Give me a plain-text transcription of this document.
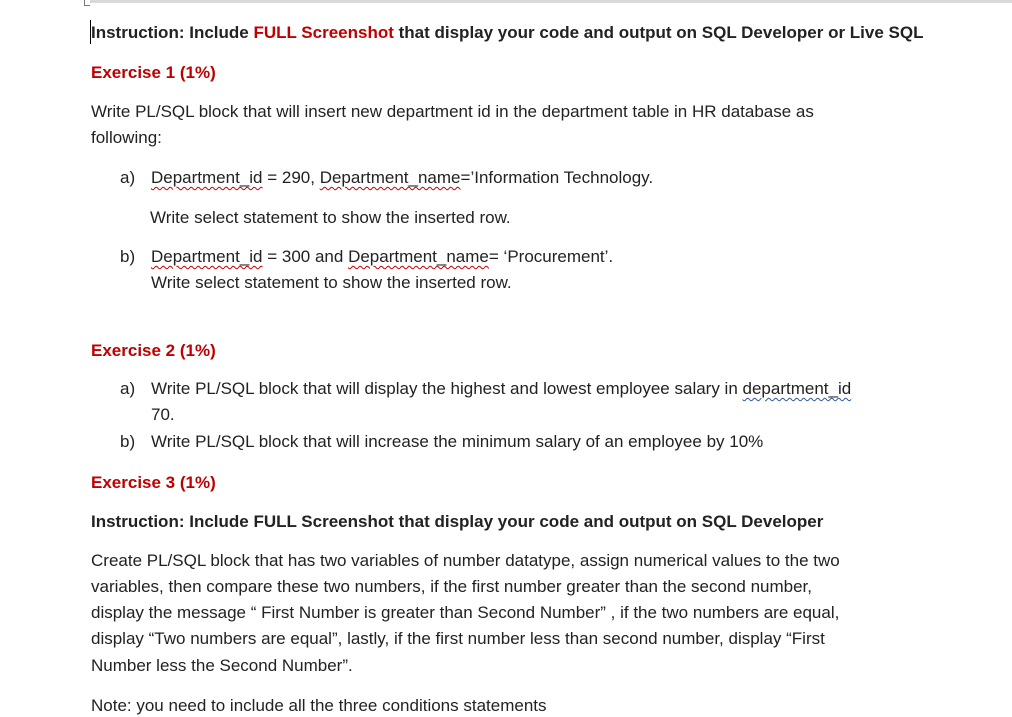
Instruction: Include FULL Screenshot that display your code and output on SQL Developer or Live SQL
Exercise 1 (1%)
Write PL/SQL block that will insert new department id in the department table in HR database as
following:
a) Department_id = 290, Department_name=’Information Technology.
Write select statement to show the inserted row.
b) Department_id = 300 and Department_name= ‘Procurement’.
Write select statement to show the inserted row.
Exercise 2 (1%)
a) Write PL/SQL block that will display the highest and lowest employee salary in department_id
70.
b) Write PL/SQL block that will increase the minimum salary of an employee by 10%
Exercise 3 (1%)
Instruction: Include FULL Screenshot that display your code and output on SQL Developer
Create PL/SQL block that has two variables of number datatype, assign numerical values to the two
variables, then compare these two numbers, if the first number greater than the second number,
display the message “ First Number is greater than Second Number” , if the two numbers are equal,
display “Two numbers are equal”, lastly, if the first number less than second number, display “First
Number less the Second Number”.
Note: you need to include all the three conditions statements
